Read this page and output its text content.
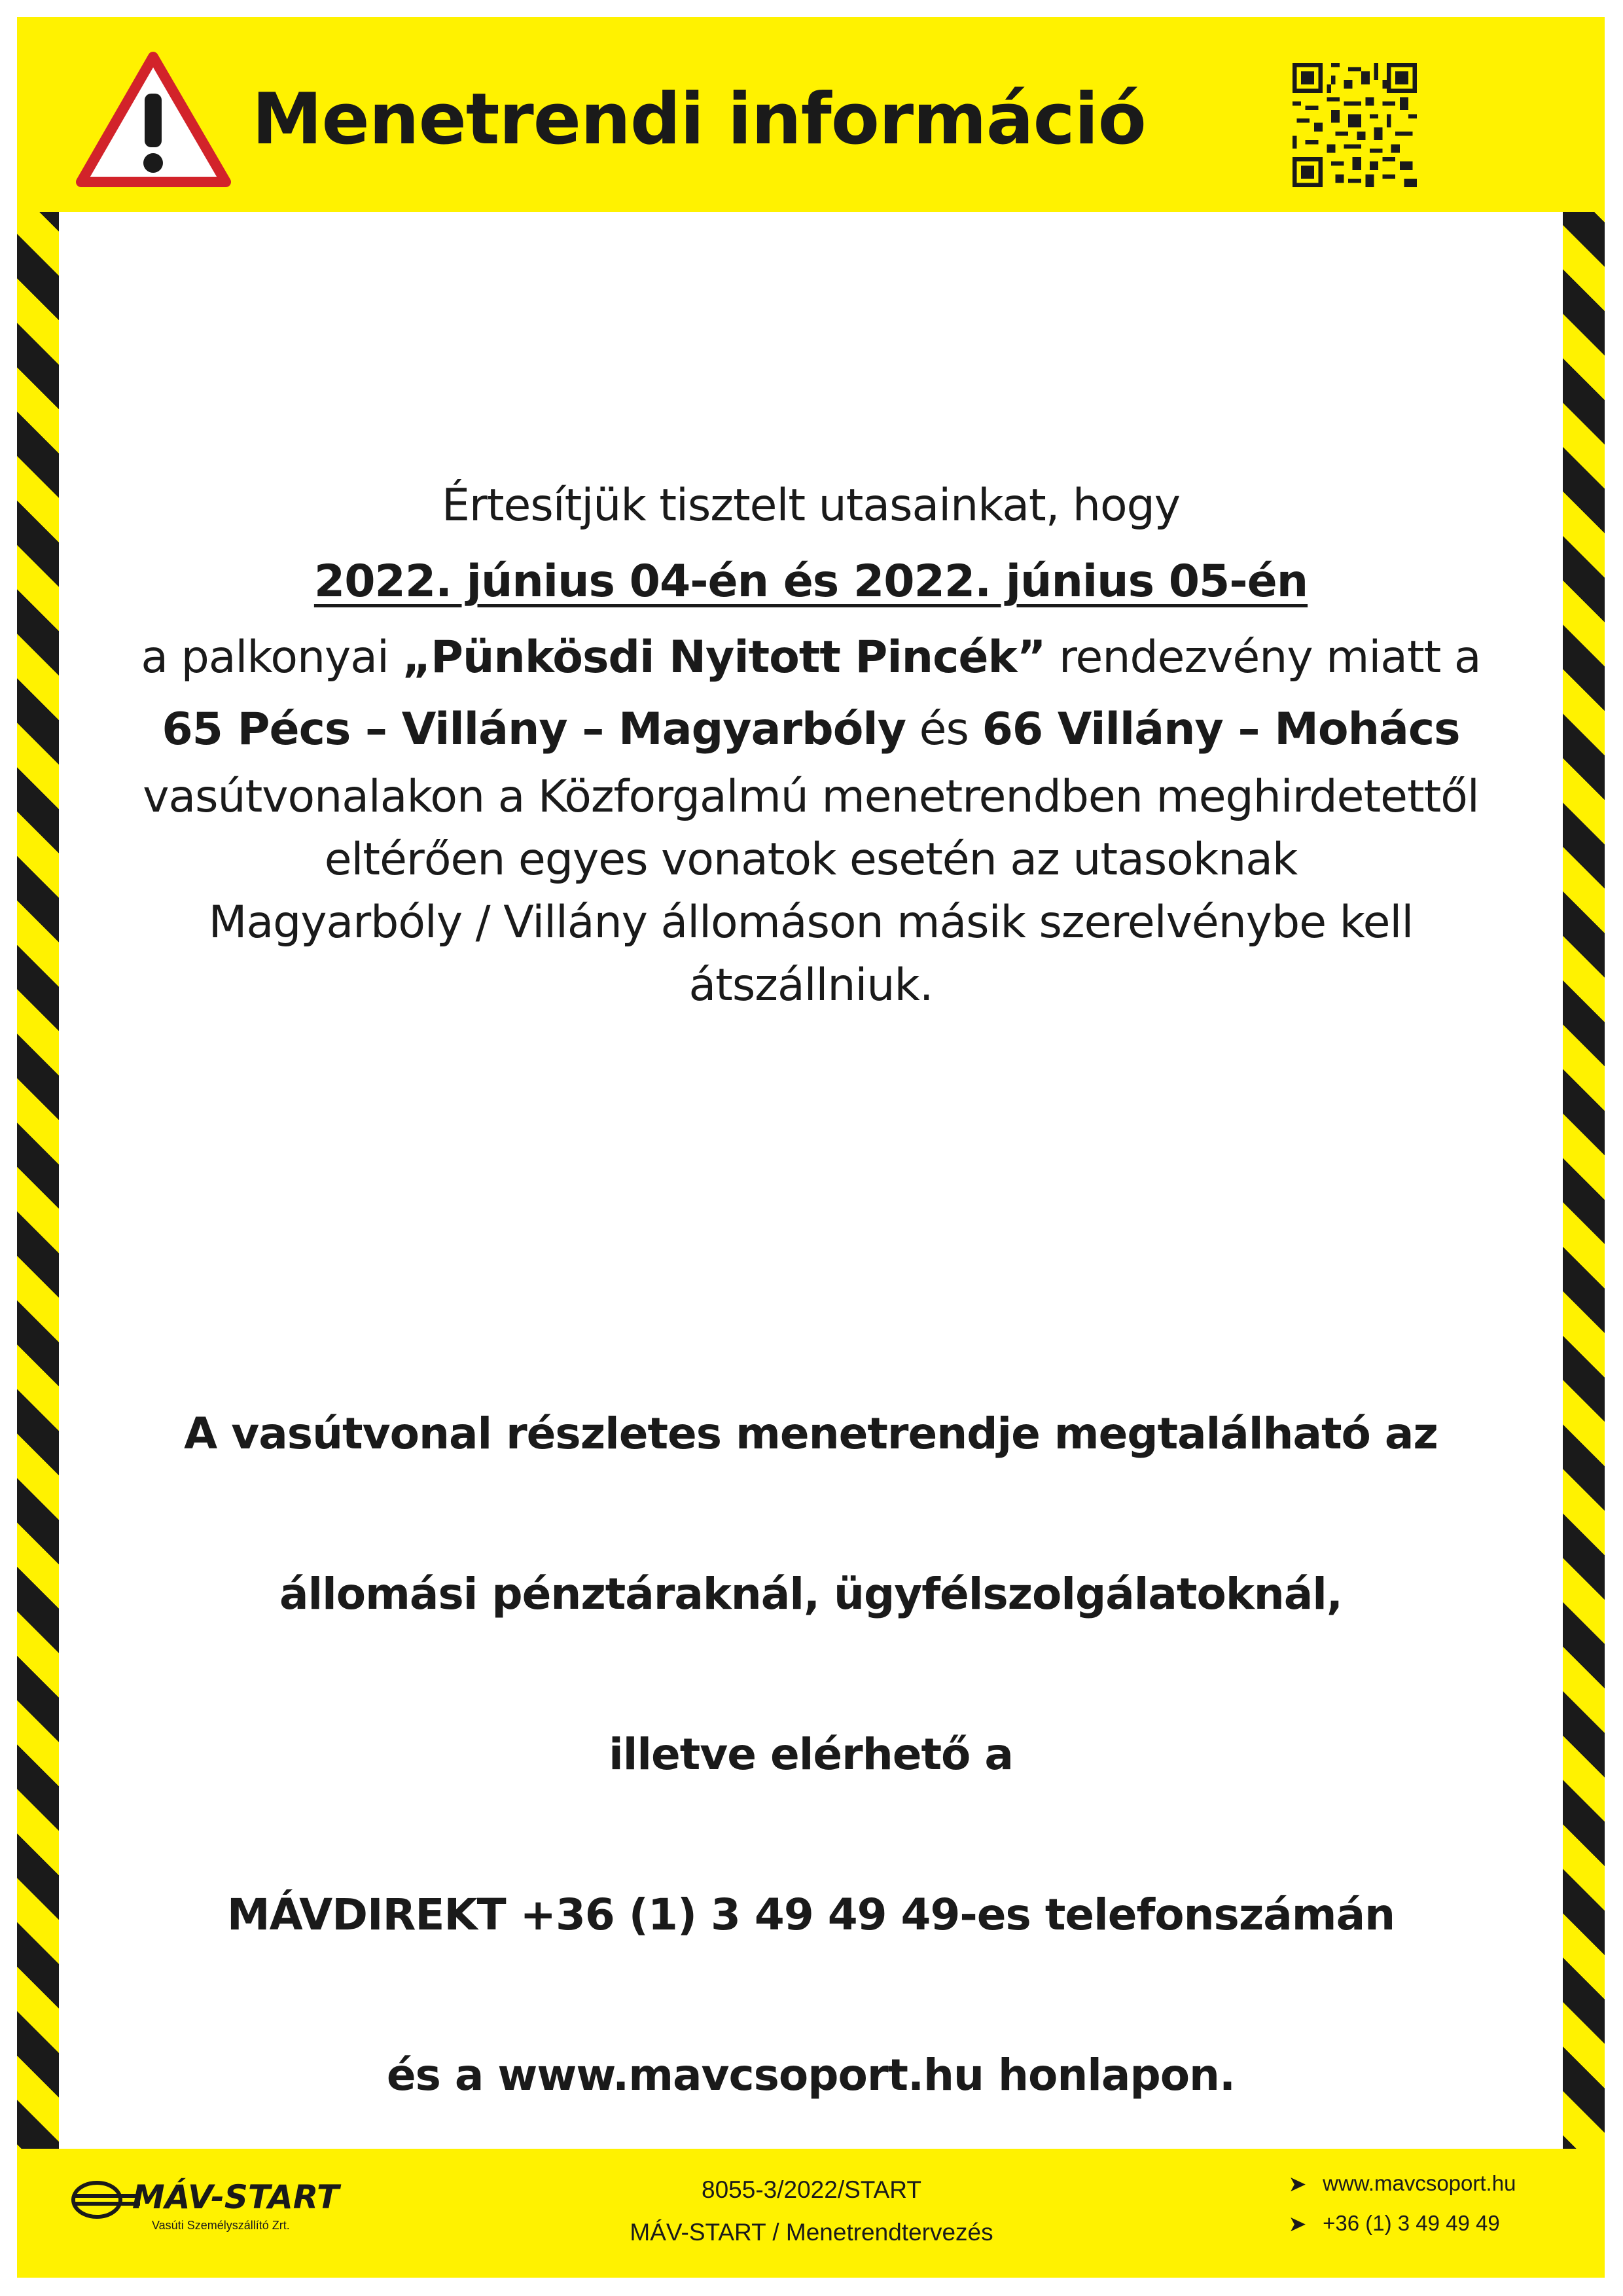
Menetrendi információ
Értesítjük tisztelt utasainkat, hogy
2022. június 04-én és 2022. június 05-én
a palkonyai „Pünkösdi Nyitott Pincék” rendezvény miatt a
65 Pécs – Villány – Magyarbóly és 66 Villány – Mohács
vasútvonalakon a Közforgalmú menetrendben meghirdetettől
eltérően egyes vonatok esetén az utasoknak
Magyarbóly / Villány állomáson másik szerelvénybe kell
átszállniuk.
A vasútvonal részletes menetrendje megtalálható az
állomási pénztáraknál, ügyfélszolgálatoknál,
illetve elérhető a
MÁVDIREKT +36 (1) 3 49 49 49-es telefonszámán
és a www.mavcsoport.hu honlapon.
MÁV-START
Vasúti Személyszállító Zrt.
8055-3/2022/START
MÁV-START / Menetrendtervezés
➤ www.mavcsoport.hu
➤ +36 (1) 3 49 49 49
